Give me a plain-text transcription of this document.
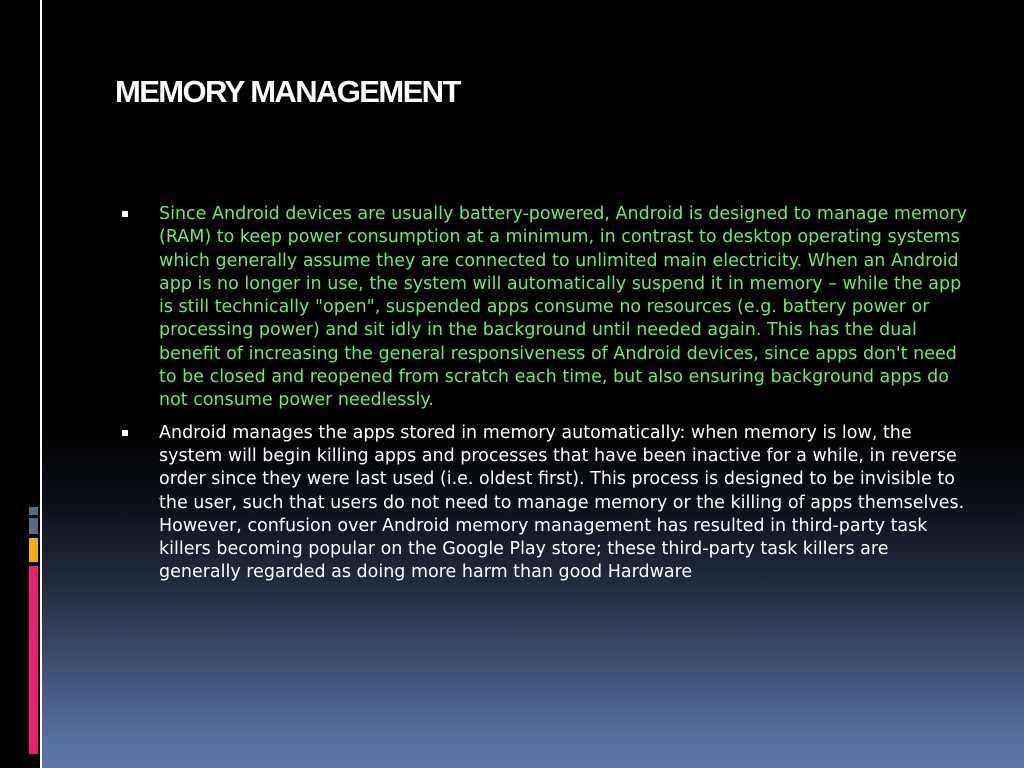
MEMORY MANAGEMENT
Since Android devices are usually battery-powered, Android is designed to manage memory (RAM) to keep power consumption at a minimum, in contrast to desktop operating systems which generally assume they are connected to unlimited main electricity. When an Android app is no longer in use, the system will automatically suspend it in memory – while the app is still technically "open", suspended apps consume no resources (e.g. battery power or processing power) and sit idly in the background until needed again. This has the dual benefit of increasing the general responsiveness of Android devices, since apps don't need to be closed and reopened from scratch each time, but also ensuring background apps do not consume power needlessly.
Android manages the apps stored in memory automatically: when memory is low, the system will begin killing apps and processes that have been inactive for a while, in reverse order since they were last used (i.e. oldest first). This process is designed to be invisible to the user, such that users do not need to manage memory or the killing of apps themselves. However, confusion over Android memory management has resulted in third-party task killers becoming popular on the Google Play store; these third-party task killers are generally regarded as doing more harm than good Hardware
